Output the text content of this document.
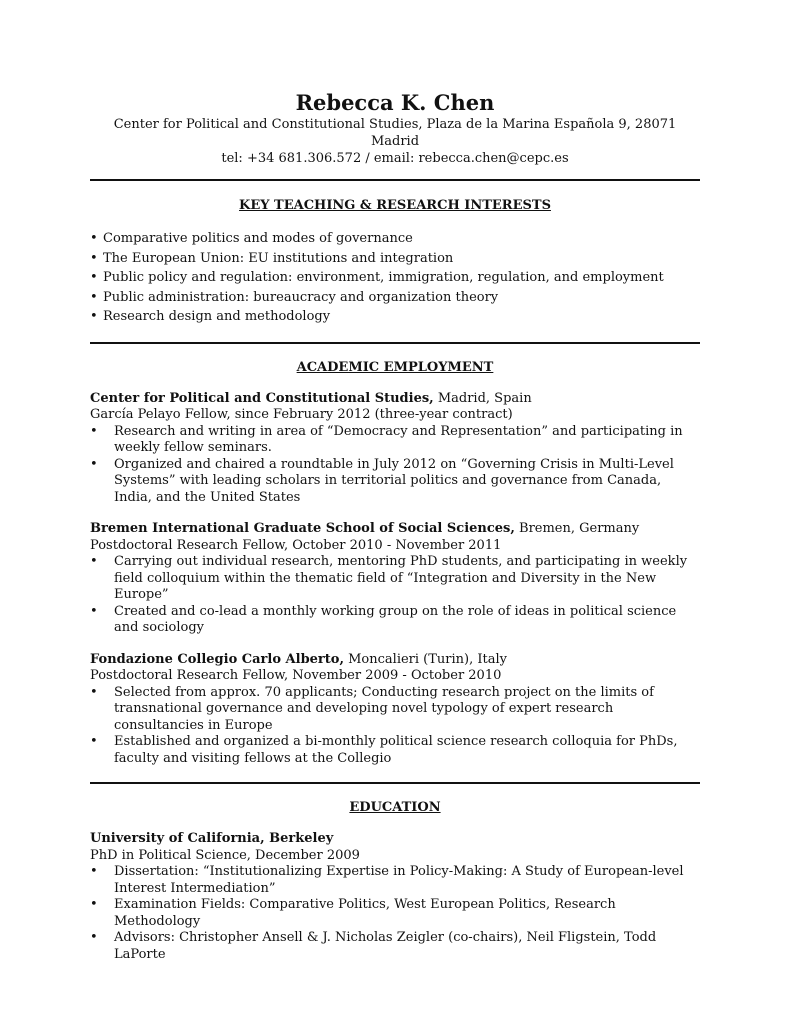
Rebecca K. Chen
Center for Political and Constitutional Studies, Plaza de la Marina Española 9, 28071 Madrid
tel: +34 681.306.572 / email: rebecca.chen@cepc.es
KEY TEACHING & RESEARCH INTERESTS
• Comparative politics and modes of governance
• The European Union: EU institutions and integration
• Public policy and regulation: environment, immigration, regulation, and employment
• Public administration: bureaucracy and organization theory
• Research design and methodology
ACADEMIC EMPLOYMENT
Center for Political and Constitutional Studies, Madrid, Spain
García Pelayo Fellow, since February 2012 (three-year contract)
• Research and writing in area of “Democracy and Representation” and participating in weekly fellow seminars.
• Organized and chaired a roundtable in July 2012 on “Governing Crisis in Multi-Level Systems” with leading scholars in territorial politics and governance from Canada, India, and the United States
Bremen International Graduate School of Social Sciences, Bremen, Germany
Postdoctoral Research Fellow, October 2010 - November 2011
• Carrying out individual research, mentoring PhD students, and participating in weekly field colloquium within the thematic field of “Integration and Diversity in the New Europe”
• Created and co-lead a monthly working group on the role of ideas in political science and sociology
Fondazione Collegio Carlo Alberto, Moncalieri (Turin), Italy
Postdoctoral Research Fellow, November 2009 - October 2010
• Selected from approx. 70 applicants; Conducting research project on the limits of transnational governance and developing novel typology of expert research consultancies in Europe
• Established and organized a bi-monthly political science research colloquia for PhDs, faculty and visiting fellows at the Collegio
EDUCATION
University of California, Berkeley
PhD in Political Science, December 2009
• Dissertation: “Institutionalizing Expertise in Policy-Making: A Study of European-level Interest Intermediation”
• Examination Fields: Comparative Politics, West European Politics, Research Methodology
• Advisors: Christopher Ansell & J. Nicholas Zeigler (co-chairs), Neil Fligstein, Todd LaPorte
